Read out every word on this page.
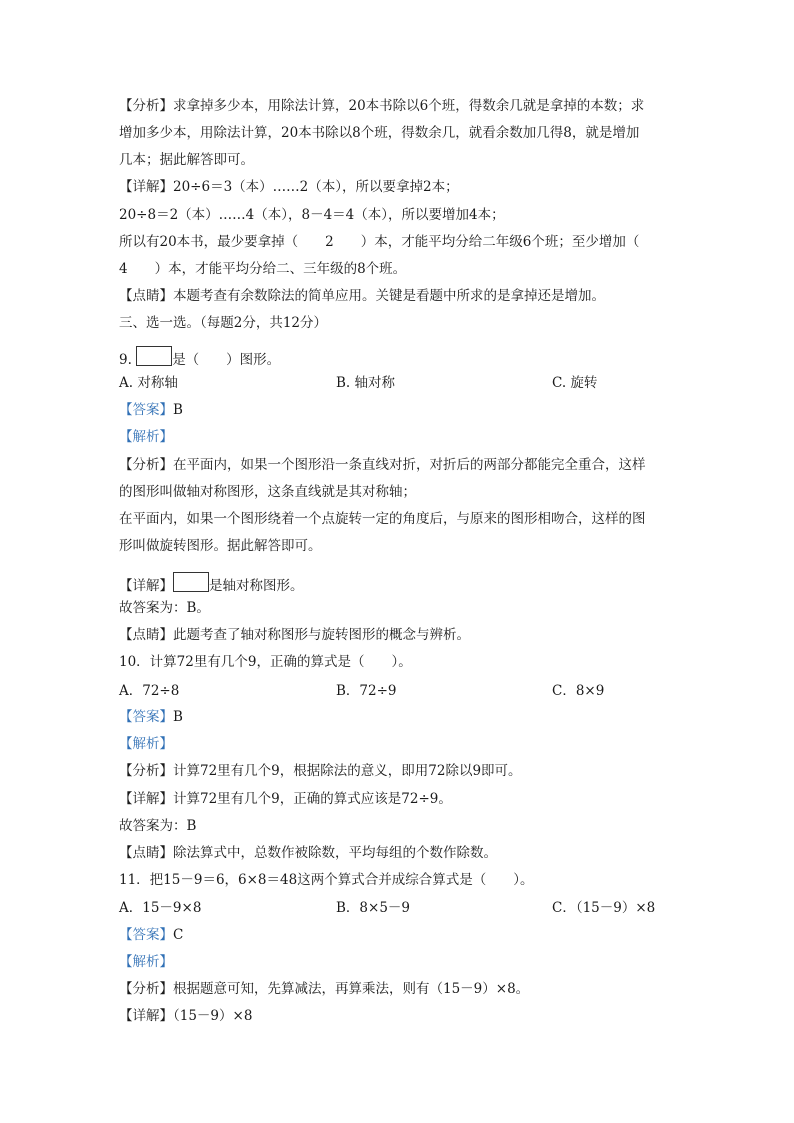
【分析】求拿掉多少本，用除法计算，20本书除以6个班，得数余几就是拿掉的本数；求
增加多少本，用除法计算，20本书除以8个班，得数余几，就看余数加几得8，就是增加
几本；据此解答即可。
【详解】20÷6＝3（本）……2（本），所以要拿掉2本；
20÷8＝2（本）……4（本），8－4＝4（本），所以要增加4本；
所以有20本书，最少要拿掉（　　2　　）本，才能平均分给二年级6个班；至少增加（
4　　）本，才能平均分给二、三年级的8个班。
【点睛】本题考查有余数除法的简单应用。关键是看题中所求的是拿掉还是增加。
三、选一选。（每题2分，共12分）
9.	是（　　）图形。
A. 对称轴	B. 轴对称	C. 旋转
【答案】B
【解析】
【分析】在平面内，如果一个图形沿一条直线对折，对折后的两部分都能完全重合，这样
的图形叫做轴对称图形，这条直线就是其对称轴；
在平面内，如果一个图形绕着一个点旋转一定的角度后，与原来的图形相吻合，这样的图
形叫做旋转图形。据此解答即可。
【详解】	是轴对称图形。
故答案为：B。
【点睛】此题考查了轴对称图形与旋转图形的概念与辨析。
10．计算72里有几个9，正确的算式是（　　）。
A．72÷8	B．72÷9	C．8×9
【答案】B
【解析】
【分析】计算72里有几个9，根据除法的意义，即用72除以9即可。
【详解】计算72里有几个9，正确的算式应该是72÷9。
故答案为：B
【点睛】除法算式中，总数作被除数，平均每组的个数作除数。
11．把15－9＝6，6×8＝48这两个算式合并成综合算式是（　　）。
A．15－9×8	B．8×5－9	C．（15－9）×8
【答案】C
【解析】
【分析】根据题意可知，先算减法，再算乘法，则有（15－9）×8。
【详解】（15－9）×8
